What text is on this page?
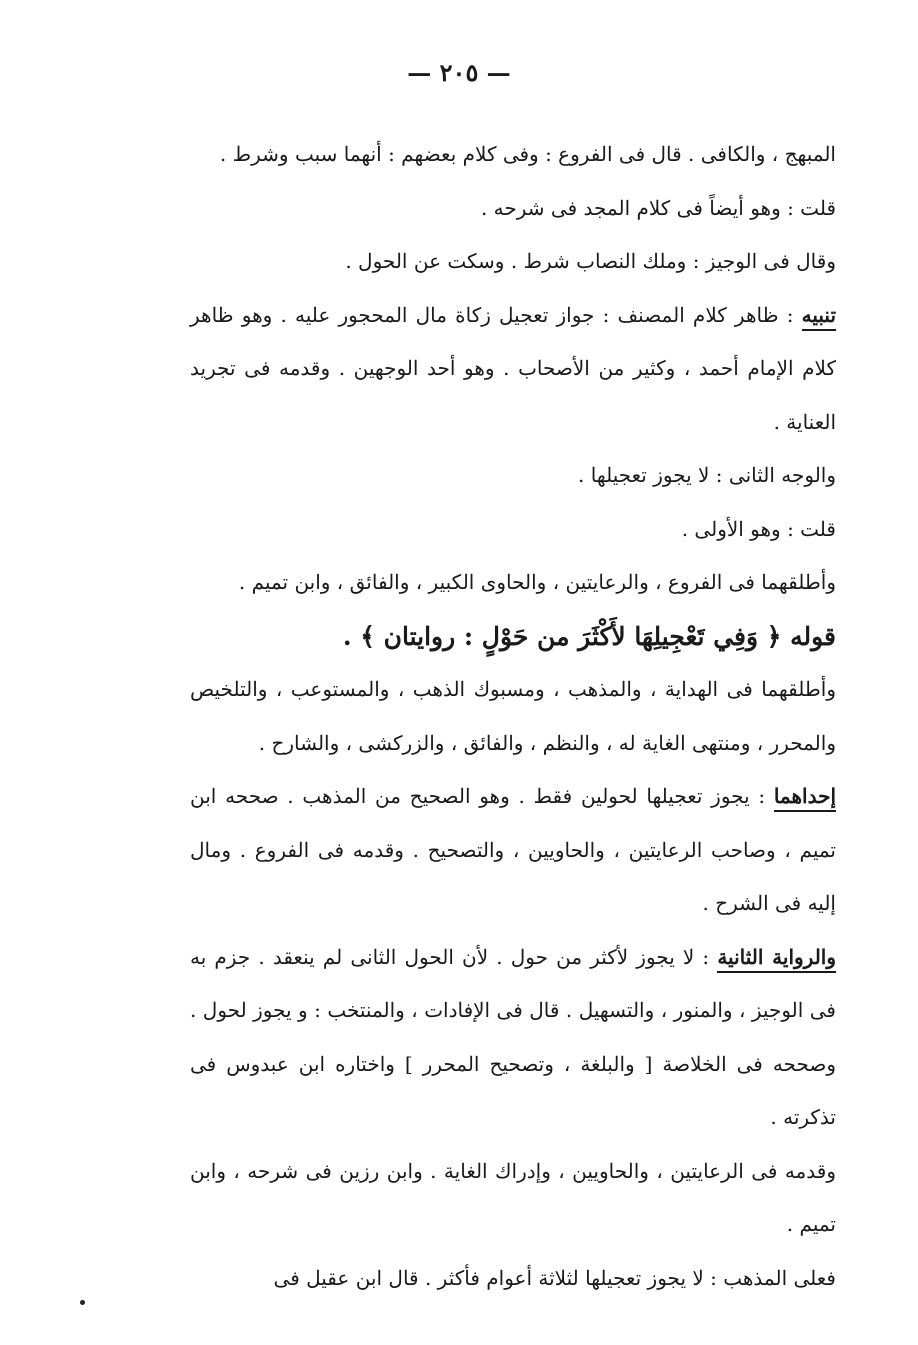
— ٢٠٥ —

المبهج ، والكافى . قال فى الفروع : وفى كلام بعضهم : أنهما سبب وشرط .

قلت : وهو أيضاً فى كلام المجد فى شرحه .

وقال فى الوجيز : وملك النصاب شرط . وسكت عن الحول .

تنبيه : ظاهر كلام المصنف : جواز تعجيل زكاة مال المحجور عليه . وهو ظاهر كلام الإمام أحمد ، وكثير من الأصحاب . وهو أحد الوجهين . وقدمه فى تجريد العناية .

والوجه الثانى : لا يجوز تعجيلها .

قلت : وهو الأولى .

وأطلقهما فى الفروع ، والرعايتين ، والحاوى الكبير ، والفائق ، وابن تميم .

قوله ﴿ وَفِي تَعْجِيلِهَا لأَكْثَرَ من حَوْلٍ : روايتان ﴾ .

وأطلقهما فى الهداية ، والمذهب ، ومسبوك الذهب ، والمستوعب ، والتلخيص والمحرر ، ومنتهى الغاية له ، والنظم ، والفائق ، والزركشى ، والشارح .

إحداهما : يجوز تعجيلها لحولين فقط . وهو الصحيح من المذهب . صححه ابن تميم ، وصاحب الرعايتين ، والحاويين ، والتصحيح . وقدمه فى الفروع . ومال إليه فى الشرح .

والرواية الثانية : لا يجوز لأكثر من حول . لأن الحول الثانى لم ينعقد . جزم به فى الوجيز ، والمنور ، والتسهيل . قال فى الإفادات ، والمنتخب : و يجوز لحول . وصححه فى الخلاصة [ والبلغة ، وتصحيح المحرر ] واختاره ابن عبدوس فى تذكرته .

وقدمه فى الرعايتين ، والحاويين ، وإدراك الغاية . وابن رزين فى شرحه ، وابن تميم .

فعلى المذهب : لا يجوز تعجيلها لثلاثة أعوام فأكثر . قال ابن عقيل فى
